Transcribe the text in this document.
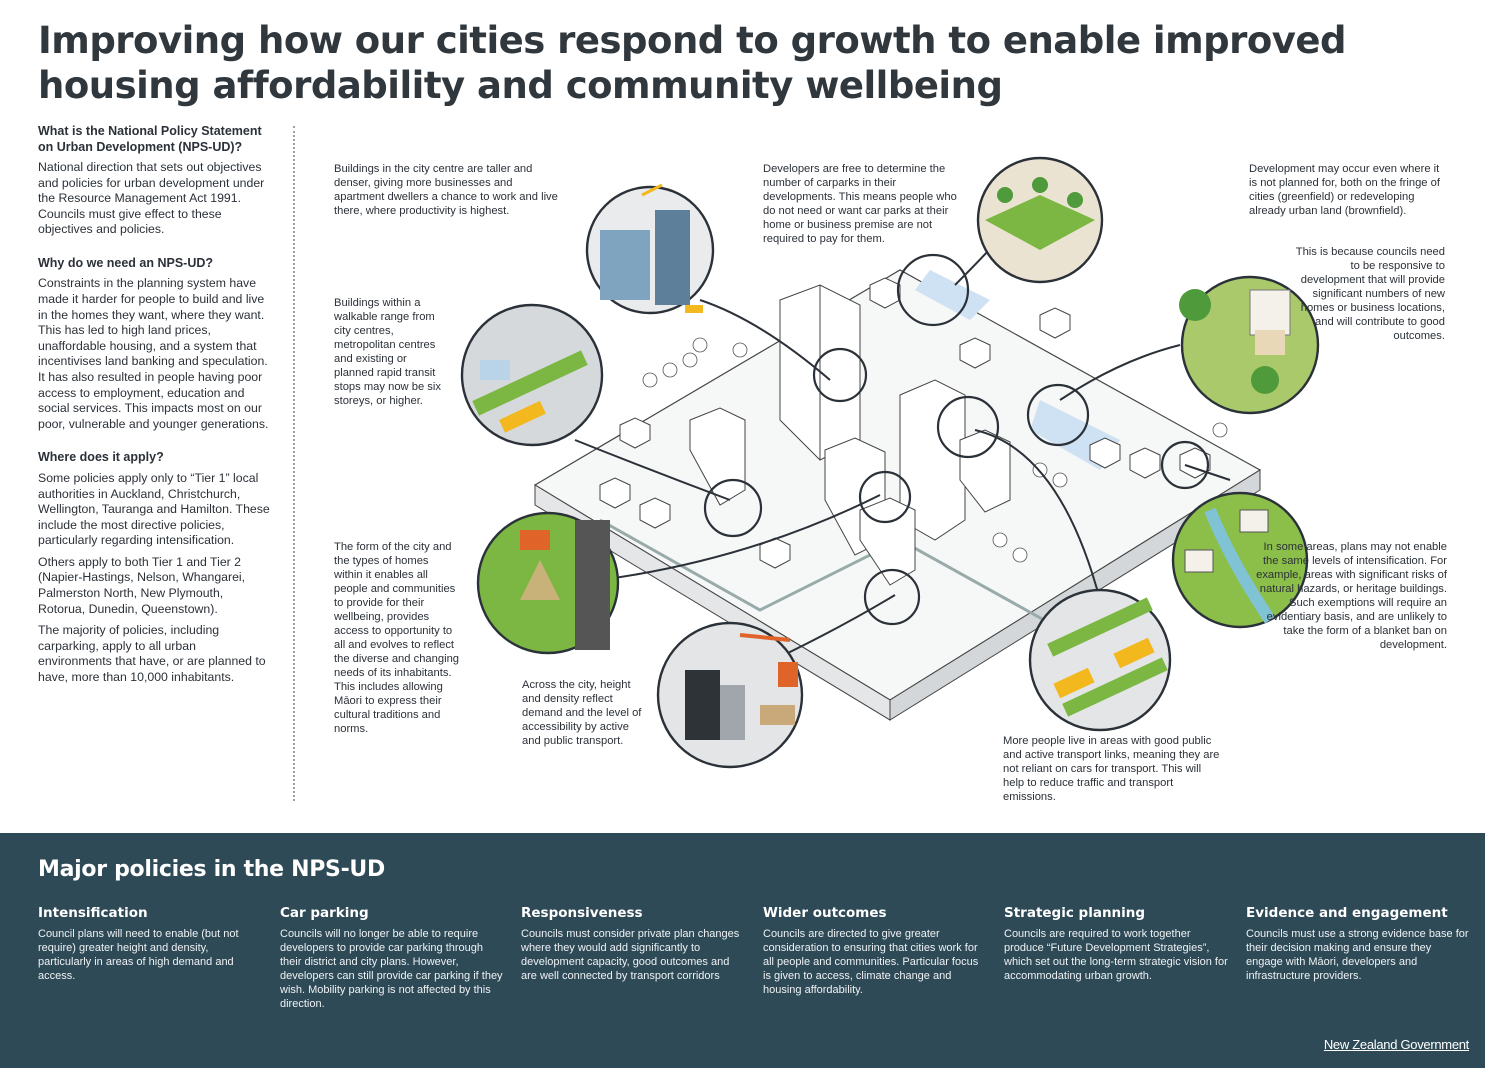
Improving how our cities respond to growth to enable improved housing affordability and community wellbeing
What is the National Policy Statement on Urban Development (NPS-UD)?

National direction that sets out objectives and policies for urban development under the Resource Management Act 1991. Councils must give effect to these objectives and policies.

Why do we need an NPS-UD?

Constraints in the planning system have made it harder for people to build and live in the homes they want, where they want. This has led to high land prices, unaffordable housing, and a system that incentivises land banking and speculation. It has also resulted in people having poor access to employment, education and social services. This impacts most on our poor, vulnerable and younger generations.

Where does it apply?

Some policies apply only to “Tier 1” local authorities in Auckland, Christchurch, Wellington, Tauranga and Hamilton. These include the most directive policies, particularly regarding intensification.

Others apply to both Tier 1 and Tier 2 (Napier-Hastings, Nelson, Whangarei, Palmerston North, New Plymouth, Rotorua, Dunedin, Queenstown).

The majority of policies, including carparking, apply to all urban environments that have, or are planned to have, more than 10,000 inhabitants.

Buildings in the city centre are taller and denser, giving more businesses and apartment dwellers a chance to work and live there, where productivity is highest.
Developers are free to determine the number of carparks in their developments. This means people who do not need or want car parks at their home or business premise are not required to pay for them.
Development may occur even where it is not planned for, both on the fringe of cities (greenfield) or redeveloping already urban land (brownfield).
This is because councils need to be responsive to development that will provide significant numbers of new homes or business locations, and will contribute to good outcomes.
Buildings within a walkable range from city centres, metropolitan centres and existing or planned rapid transit stops may now be six storeys, or higher.
The form of the city and the types of homes within it enables all people and communities to provide for their wellbeing, provides access to opportunity to all and evolves to reflect the diverse and changing needs of its inhabitants. This includes allowing Māori to express their cultural traditions and norms.
Across the city, height and density reflect demand and the level of accessibility by active and public transport.
In some areas, plans may not enable the same levels of intensification. For example, areas with significant risks of natural hazards, or heritage buildings. Such exemptions will require an evidentiary basis, and are unlikely to take the form of a blanket ban on development.
More people live in areas with good public and active transport links, meaning they are not reliant on cars for transport. This will help to reduce traffic and transport emissions.
Major policies in the NPS-UD
Intensification

Council plans will need to enable (but not require) greater height and density, particularly in areas of high demand and access.

Car parking

Councils will no longer be able to require developers to provide car parking through their district and city plans. However, developers can still provide car parking if they wish. Mobility parking is not affected by this direction.

Responsiveness

Councils must consider private plan changes where they would add significantly to development capacity, good outcomes and are well connected by transport corridors

Wider outcomes

Councils are directed to give greater consideration to ensuring that cities work for all people and communities. Particular focus is given to access, climate change and housing affordability.

Strategic planning

Councils are required to work together produce “Future Development Strategies”, which set out the long-term strategic vision for accommodating urban growth.

Evidence and engagement

Councils must use a strong evidence base for their decision making and ensure they engage with Māori, developers and infrastructure providers.

New Zealand Government
